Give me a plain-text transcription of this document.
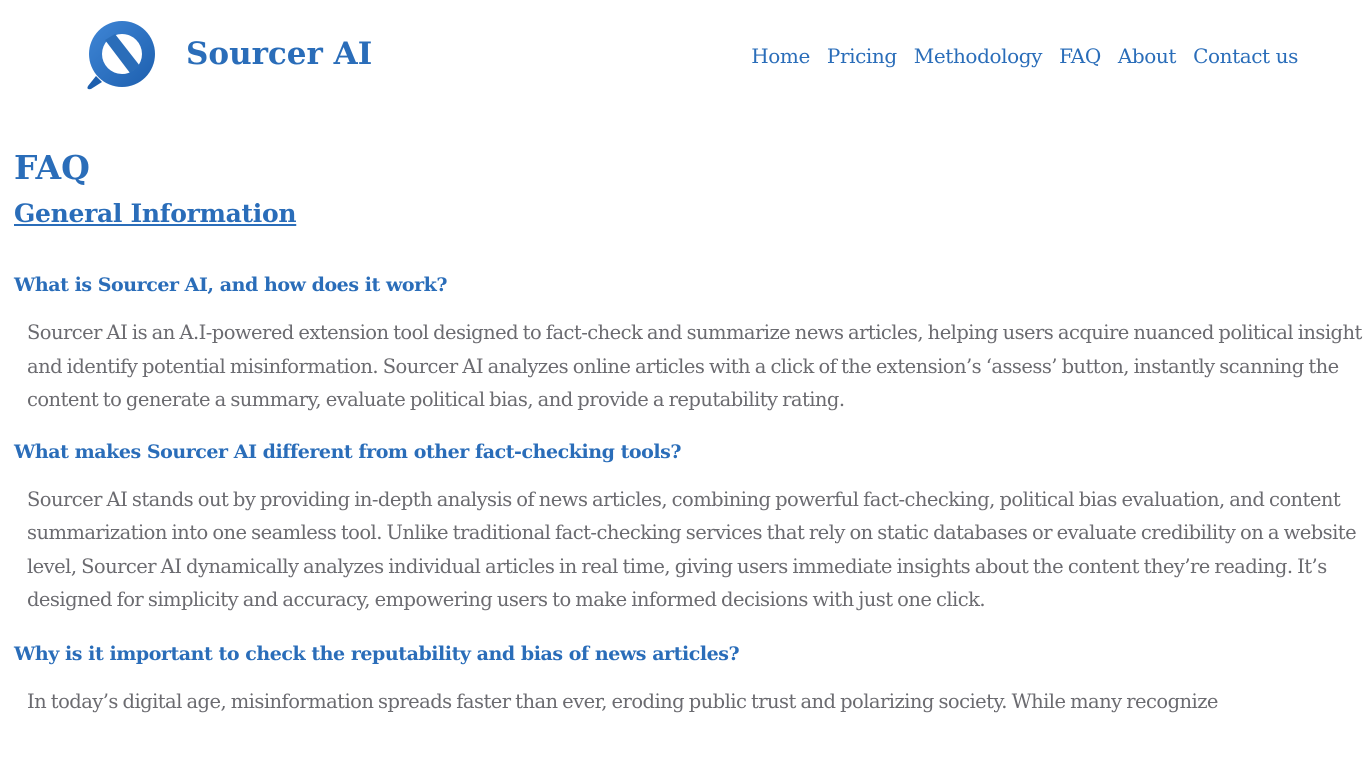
Sourcer AI	Home Pricing Methodology FAQ About Contact us
FAQ
General Information
What is Sourcer AI, and how does it work?

Sourcer AI is an A.I-powered extension tool designed to fact-check and summarize news articles, helping users acquire nuanced political insight and identify potential misinformation. Sourcer AI analyzes online articles with a click of the extension’s ‘assess’ button, instantly scanning the content to generate a summary, evaluate political bias, and provide a reputability rating.

What makes Sourcer AI different from other fact-checking tools?

Sourcer AI stands out by providing in-depth analysis of news articles, combining powerful fact-checking, political bias evaluation, and content summarization into one seamless tool. Unlike traditional fact-checking services that rely on static databases or evaluate credibility on a website level, Sourcer AI dynamically analyzes individual articles in real time, giving users immediate insights about the content they’re reading. It’s designed for simplicity and accuracy, empowering users to make informed decisions with just one click.

Why is it important to check the reputability and bias of news articles?

In today’s digital age, misinformation spreads faster than ever, eroding public trust and polarizing society. While many recognize
